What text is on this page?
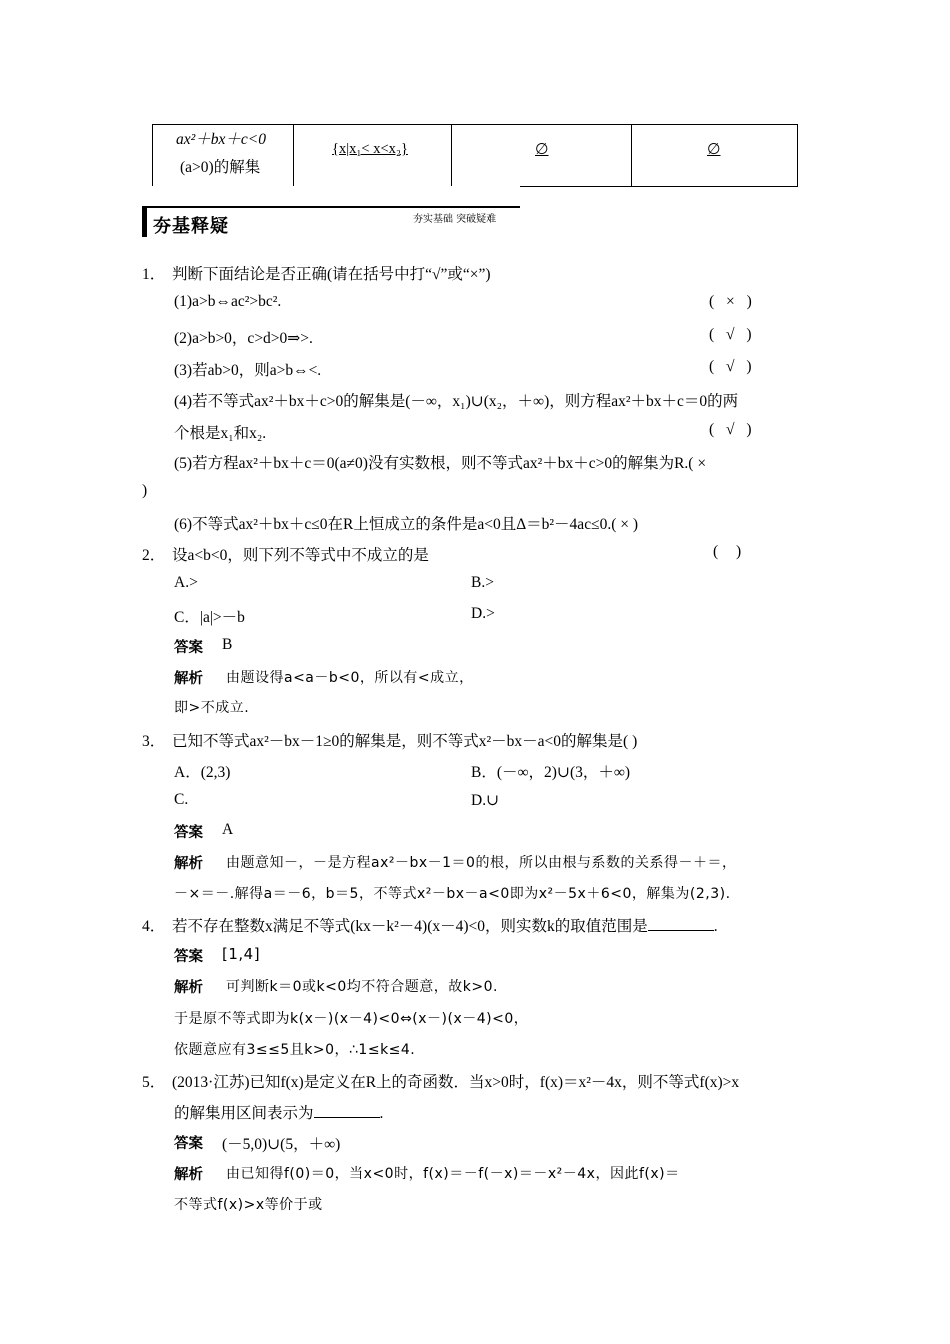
ax²＋bx＋c<0
(a>0)的解集
{x|x₁< x<x₂}	∅	∅
夯基释疑	夯实基础 突破疑难
1． 判断下面结论是否正确(请在括号中打“√”或“×”)
(1)a>b⇔ac²>bc².	( × )
(2)a>b>0，c>d>0⇒>.	( √ )
(3)若ab>0，则a>b⇔<.	( √ )
(4)若不等式ax²＋bx＋c>0的解集是(－∞，x₁)∪(x₂，＋∞)，则方程ax²＋bx＋c＝0的两
个根是x₁和x₂.	( √ )
(5)若方程ax²＋bx＋c＝0(a≠0)没有实数根，则不等式ax²＋bx＋c>0的解集为R.( ×
)
(6)不等式ax²＋bx＋c≤0在R上恒成立的条件是a<0且Δ＝b²－4ac≤0.( × )
2． 设a<b<0，则下列不等式中不成立的是	( )
A.>	B.>
C．|a|>－b	D.>
答案 B
解析 由题设得a<a－b<0，所以有<成立，
即>不成立.
3． 已知不等式ax²－bx－1≥0的解集是，则不等式x²－bx－a<0的解集是( )
A．(2,3)	B．(－∞，2)∪(3，＋∞)
C.	D.∪
答案 A
解析 由题意知－，－是方程ax²－bx－1＝0的根，所以由根与系数的关系得－＋＝，
－×＝－.解得a＝－6，b＝5，不等式x²－bx－a<0即为x²－5x＋6<0，解集为(2,3).
4． 若不存在整数x满足不等式(kx－k²－4)(x－4)<0，则实数k的取值范围是	.
答案 [1,4]
解析 可判断k＝0或k<0均不符合题意，故k>0.
于是原不等式即为k(x－)(x－4)<0⇔(x－)(x－4)<0，
依题意应有3≤≤5且k>0，∴1≤k≤4.
5． (2013·江苏)已知f(x)是定义在R上的奇函数．当x>0时，f(x)＝x²－4x，则不等式f(x)>x
的解集用区间表示为	.
答案 (－5,0)∪(5，＋∞)
解析 由已知得f(0)＝0，当x<0时，f(x)＝－f(－x)＝－x²－4x，因此f(x)＝
不等式f(x)>x等价于或
